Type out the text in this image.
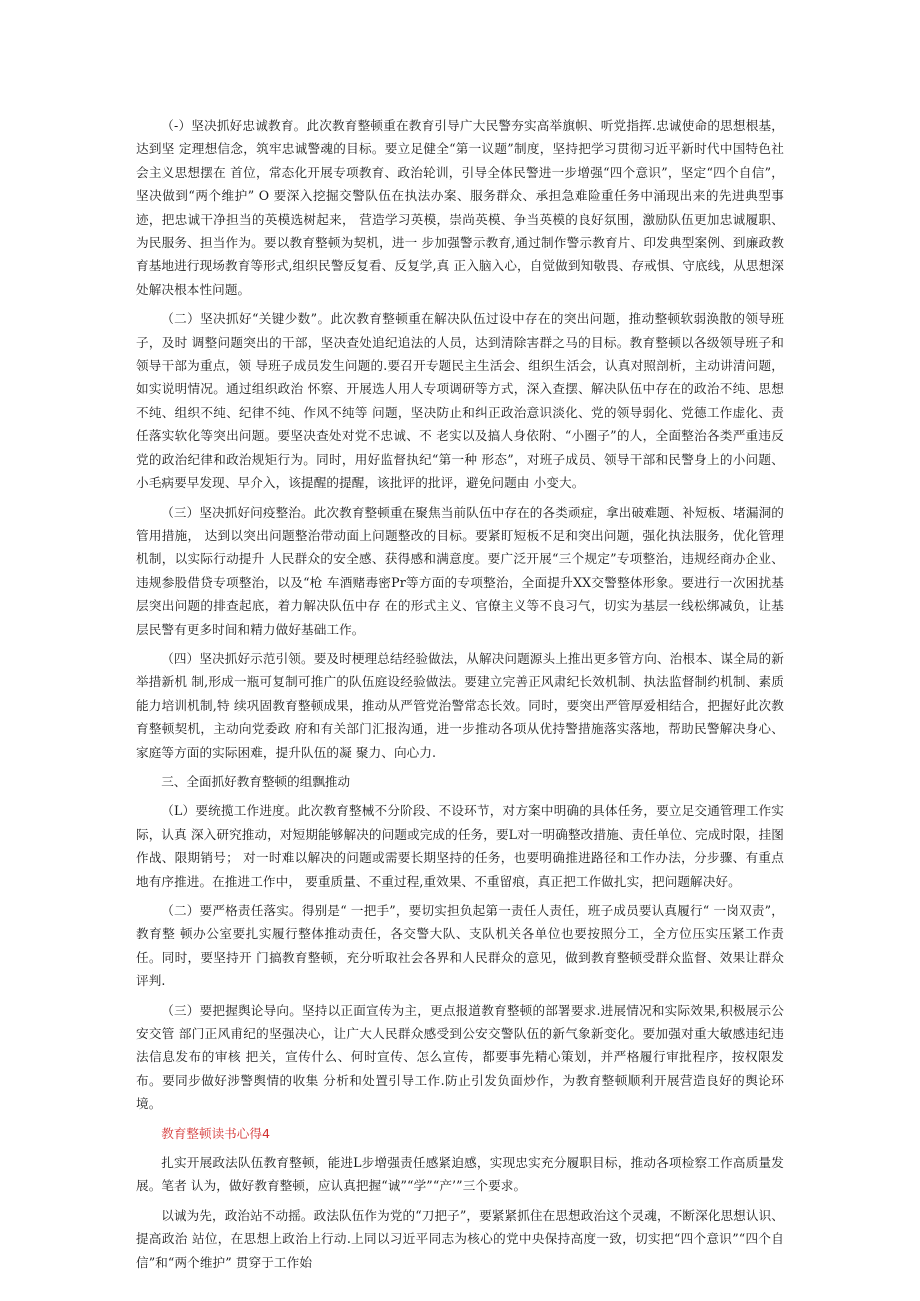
（-）坚决抓好忠诚教育。此次教育整顿重在教育引导广大民警夯实高举旗帜、听党指挥.忠诚使命的思想根基，达到坚 定理想信念，筑牢忠诚警魂的目标。要立足健全“第一议题”制度，坚持把学习贯彻习近平新时代中国特色社会主义思想摆在 首位，常态化开展专项教育、政治轮训，引导全体民警进一步增强“四个意识”，坚定“四个自信”，坚决做到“两个维护” O 要深入挖掘交警队伍在执法办案、服务群众、承担急难险重任务中涌现出来的先进典型事迹，把忠诚干净担当的英模选树起来， 营造学习英模，崇尚英模、争当英模的良好氛围，激励队伍更加忠诚履职、为民服务、担当作为。要以教育整顿为契机，进一 步加强警示教育,通过制作警示教育片、印发典型案例、到廉政教育基地进行现场教育等形式,组织民警反复看、反复学,真 正入脑入心，自觉做到知敬畏、存戒惧、守底线，从思想深处解决根本性问题。

（二）坚决抓好“关键少数”。此次教育整顿重在解决队伍过设中存在的突出问题，推动整顿软弱涣散的领导班子，及时 调整问题突出的干部，坚决查处追纪追法的人员，达到清除害群之马的目标。教育整顿以各级领导班子和领导干部为重点，领 导班子成员发生问题的.要召开专题民主生活会、组织生活会，认真对照剖析，主动讲清问题，如实说明情况。通过组织政治 怀察、开展选人用人专项调研等方式，深入查摆、解决队伍中存在的政治不纯、思想不纯、组织不纯、纪律不纯、作风不纯等 问题，坚决防止和纠正政治意识淡化、党的领导弱化、党德工作虚化、责任落实软化等突出问题。要坚决查处对党不忠诚、不 老实以及搞人身依附、“小圈子”的人，全面整治各类严重违反党的政治纪律和政治规矩行为。同时，用好监督执纪“第一种 形态”，对班子成员、领导干部和民警身上的小问题、小毛病要早发现、早介入，该提醒的提醒，该批评的批评，避免问题由 小变大。

（三）坚决抓好问疫整治。此次教育整顿重在聚焦当前队伍中存在的各类顽症，拿出破难题、补短板、堵漏洞的管用措施， 达到以突出问题整治带动面上问题整改的目标。要紧盯短板不足和突出问题，强化执法服务，优化管理机制，以实际行动提升 人民群众的安全感、获得感和满意度。要广泛开展“三个规定”专项整治，违规经商办企业、违规参股借贷专项整治，以及“枪 车酒赌毒密Pr等方面的专项整治，全面提升XX交警整体形象。要进行一次困扰基层突出问题的排查起底，着力解决队伍中存 在的形式主义、官僚主义等不良习气，切实为基层一线松绑减负，让基层民警有更多时间和精力做好基础工作。

（四）坚决抓好示范引领。要及时梗理总结经验做法，从解决问题源头上推出更多管方向、治根本、谋全局的新举措新机 制,形成一瓶可复制可推广的队伍庭设经验做法。要建立完善正风肃纪长效机制、执法监督制约机制、素质能力培训机制,特 续巩固教育整顿成果，推动从严管党治警常态长效。同时，要突出严管厚爱相结合，把握好此次教育整顿契机，主动向党委政 府和有关部门汇报沟通，进一步推动各项从优持警措施落实落地，帮助民警解决身心、家庭等方面的实际困难，提升队伍的凝 聚力、向心力.

三、全面抓好教育整顿的组飘推动

（L）要统揽工作进度。此次教育整械不分阶段、不设环节，对方案中明确的具体任务，要立足交通管理工作实际，认真 深入研究推动，对短期能够解决的问题或完成的任务，要L对一明确整改措施、责任单位、完成时限，挂图作战、限期销号； 对一时难以解决的问题或需要长期坚持的任务，也要明确推进路径和工作办法，分步骤、有重点地有序推进。在推进工作中， 要重质量、不重过程,重效果、不重留痕，真正把工作做扎实，把问题解决好。

（二）要严格责任落实。得别是“ 一把手”，要切实担负起第一责任人责任，班子成员要认真履行“ 一岗双责”，教育整 顿办公室要扎实履行整体推动责任，各交警大队、支队机关各单位也要按照分工，全方位压实压紧工作责任。同时，要坚持开 门搞教育整顿，充分听取社会各界和人民群众的意见，做到教育整顿受群众监督、效果让群众评判.

（三）要把握舆论导向。坚持以正面宣传为主，更点报道教育整顿的部署要求.进展情况和实际效果,积极展示公安交管 部门正风甫纪的坚强决心，让广大人民群众感受到公安交警队伍的新气象新变化。要加强对重大敏感违纪违法信息发布的审核 把关，宣传什么、何时宣传、怎么宣传，都要事先精心策划，并严格履行审批程序，按权限发布。要同步做好涉警舆情的收集 分析和处置引导工作.防止引发负面炒作，为教育整顿顺利开展营造良好的舆论环境。

教育整顿读书心得4

扎实开展政法队伍教育整顿，能进L步增强责任感紧迫感，实现忠实充分履职目标，推动各项检察工作高质量发展。笔者 认为，做好教育整顿，应认真把握“诚”“学”“产’”三个要求。

以诚为先，政治站不动摇。政法队伍作为党的“刀把子”，要紧紧抓住在思想政治这个灵魂，不断深化思想认识、提高政治 站位，在思想上政治上行动.上同以习近平同志为核心的党中央保持高度一致，切实把“四个意识”“四个自信”和“两个维护” 贯穿于工作始
